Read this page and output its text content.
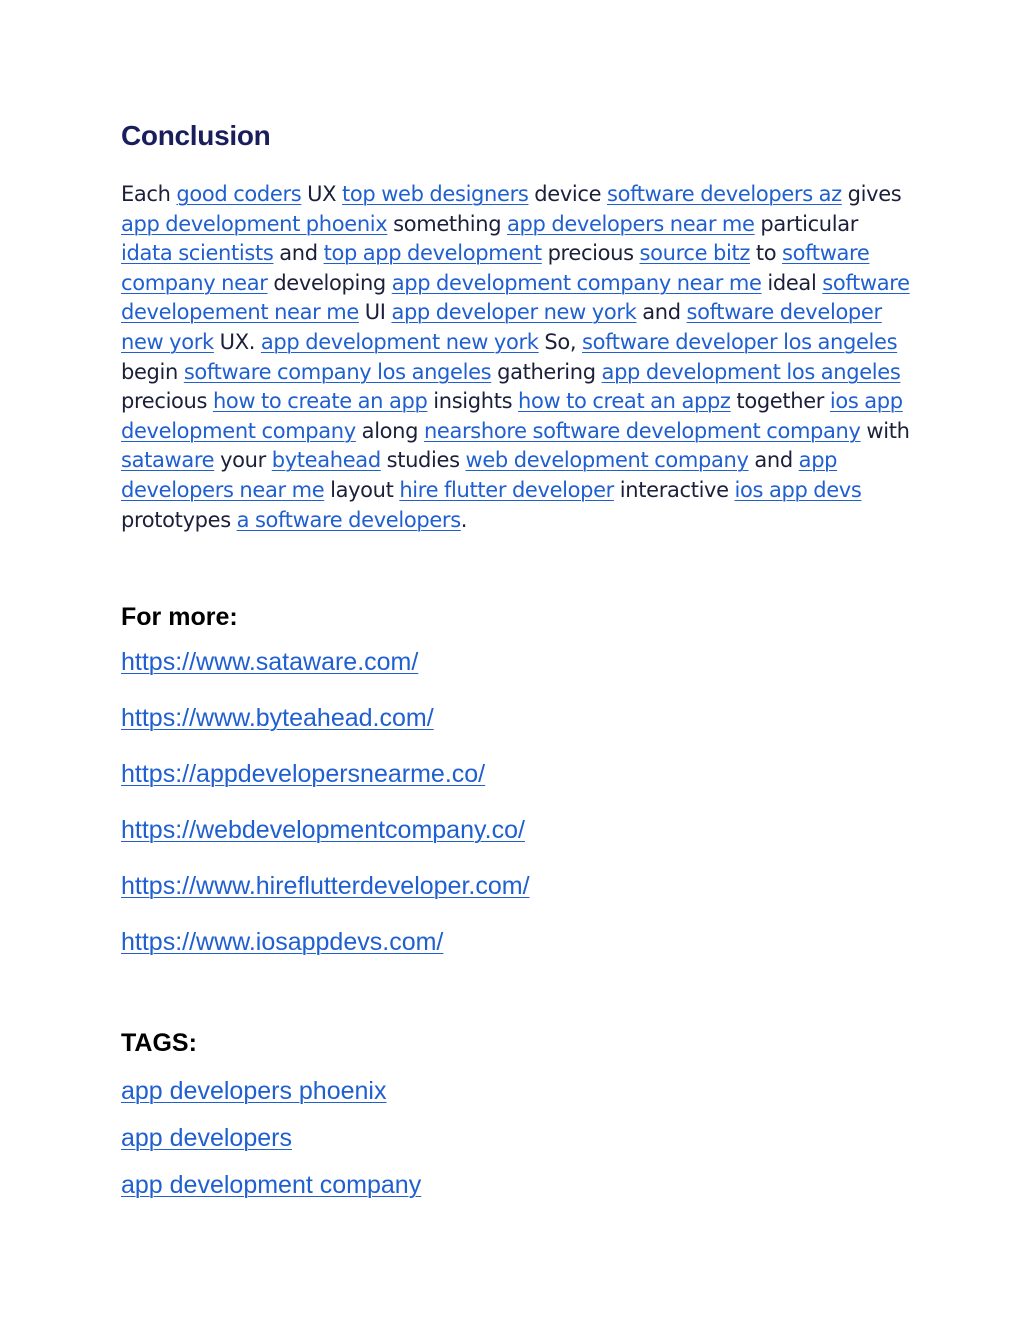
Conclusion

Each good coders UX top web designers device software developers az gives app development phoenix something app developers near me particular idata scientists and top app development precious source bitz to software company near developing app development company near me ideal software developement near me UI app developer new york and software developer new york UX. app development new york So, software developer los angeles begin software company los angeles gathering app development los angeles precious how to create an app insights how to creat an appz together ios app development company along nearshore software development company with sataware your byteahead studies web development company and app developers near me layout hire flutter developer interactive ios app devs prototypes a software developers.

For more:
https://www.sataware.com/
https://www.byteahead.com/
https://appdevelopersnearme.co/
https://webdevelopmentcompany.co/
https://www.hireflutterdeveloper.com/
https://www.iosappdevs.com/
TAGS:
app developers phoenix
app developers
app development company
